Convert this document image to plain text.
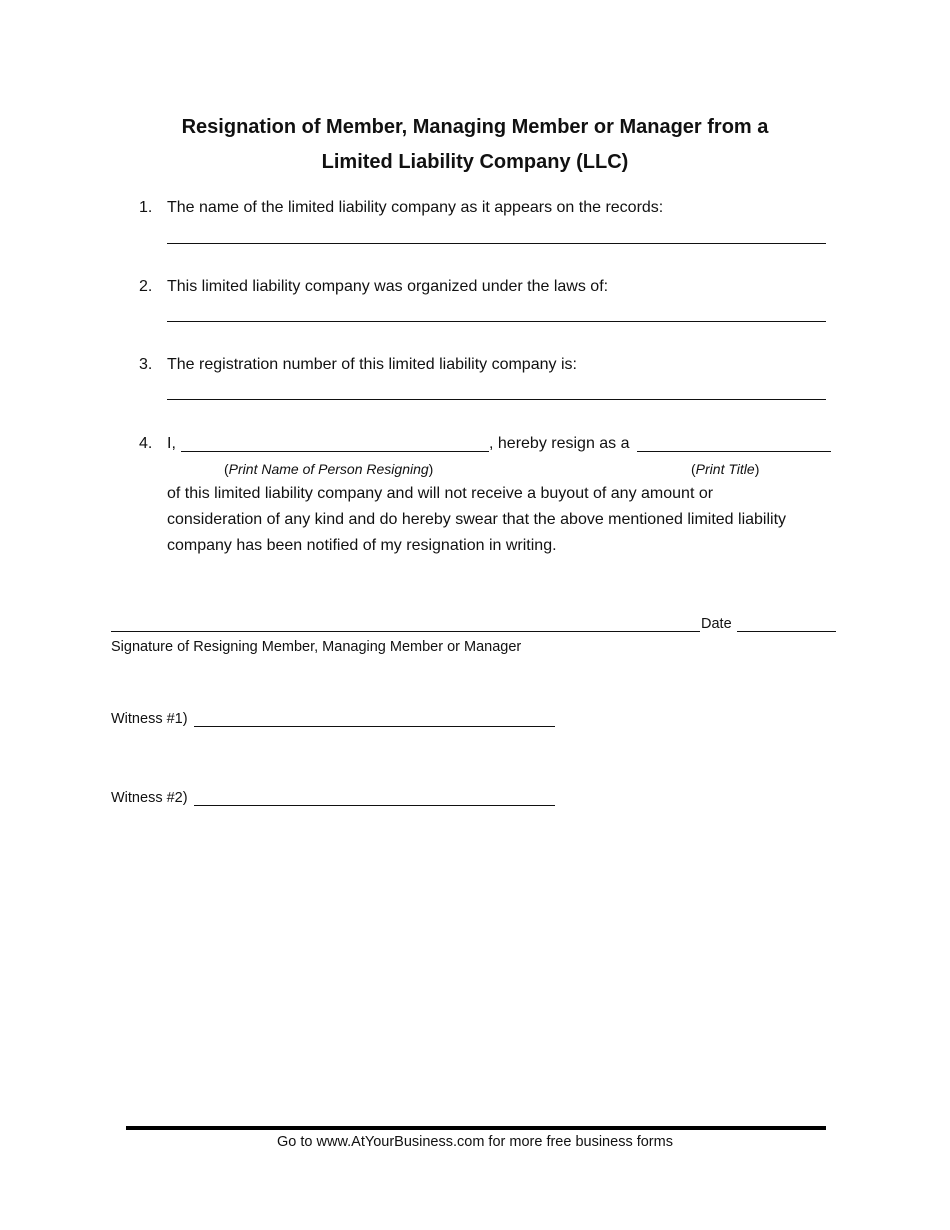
Resignation of Member, Managing Member or Manager from a
Limited Liability Company (LLC)
1. The name of the limited liability company as it appears on the records:
2. This limited liability company was organized under the laws of:
3. The registration number of this limited liability company is:
4. I,	, hereby resign as a
(Print Name of Person Resigning)	(Print Title)
of this limited liability company and will not receive a buyout of any amount or consideration of any kind and do hereby swear that the above mentioned limited liability company has been notified of my resignation in writing.
Date
Signature of Resigning Member, Managing Member or Manager
Witness #1)
Witness #2)
Go to www.AtYourBusiness.com for more free business forms
